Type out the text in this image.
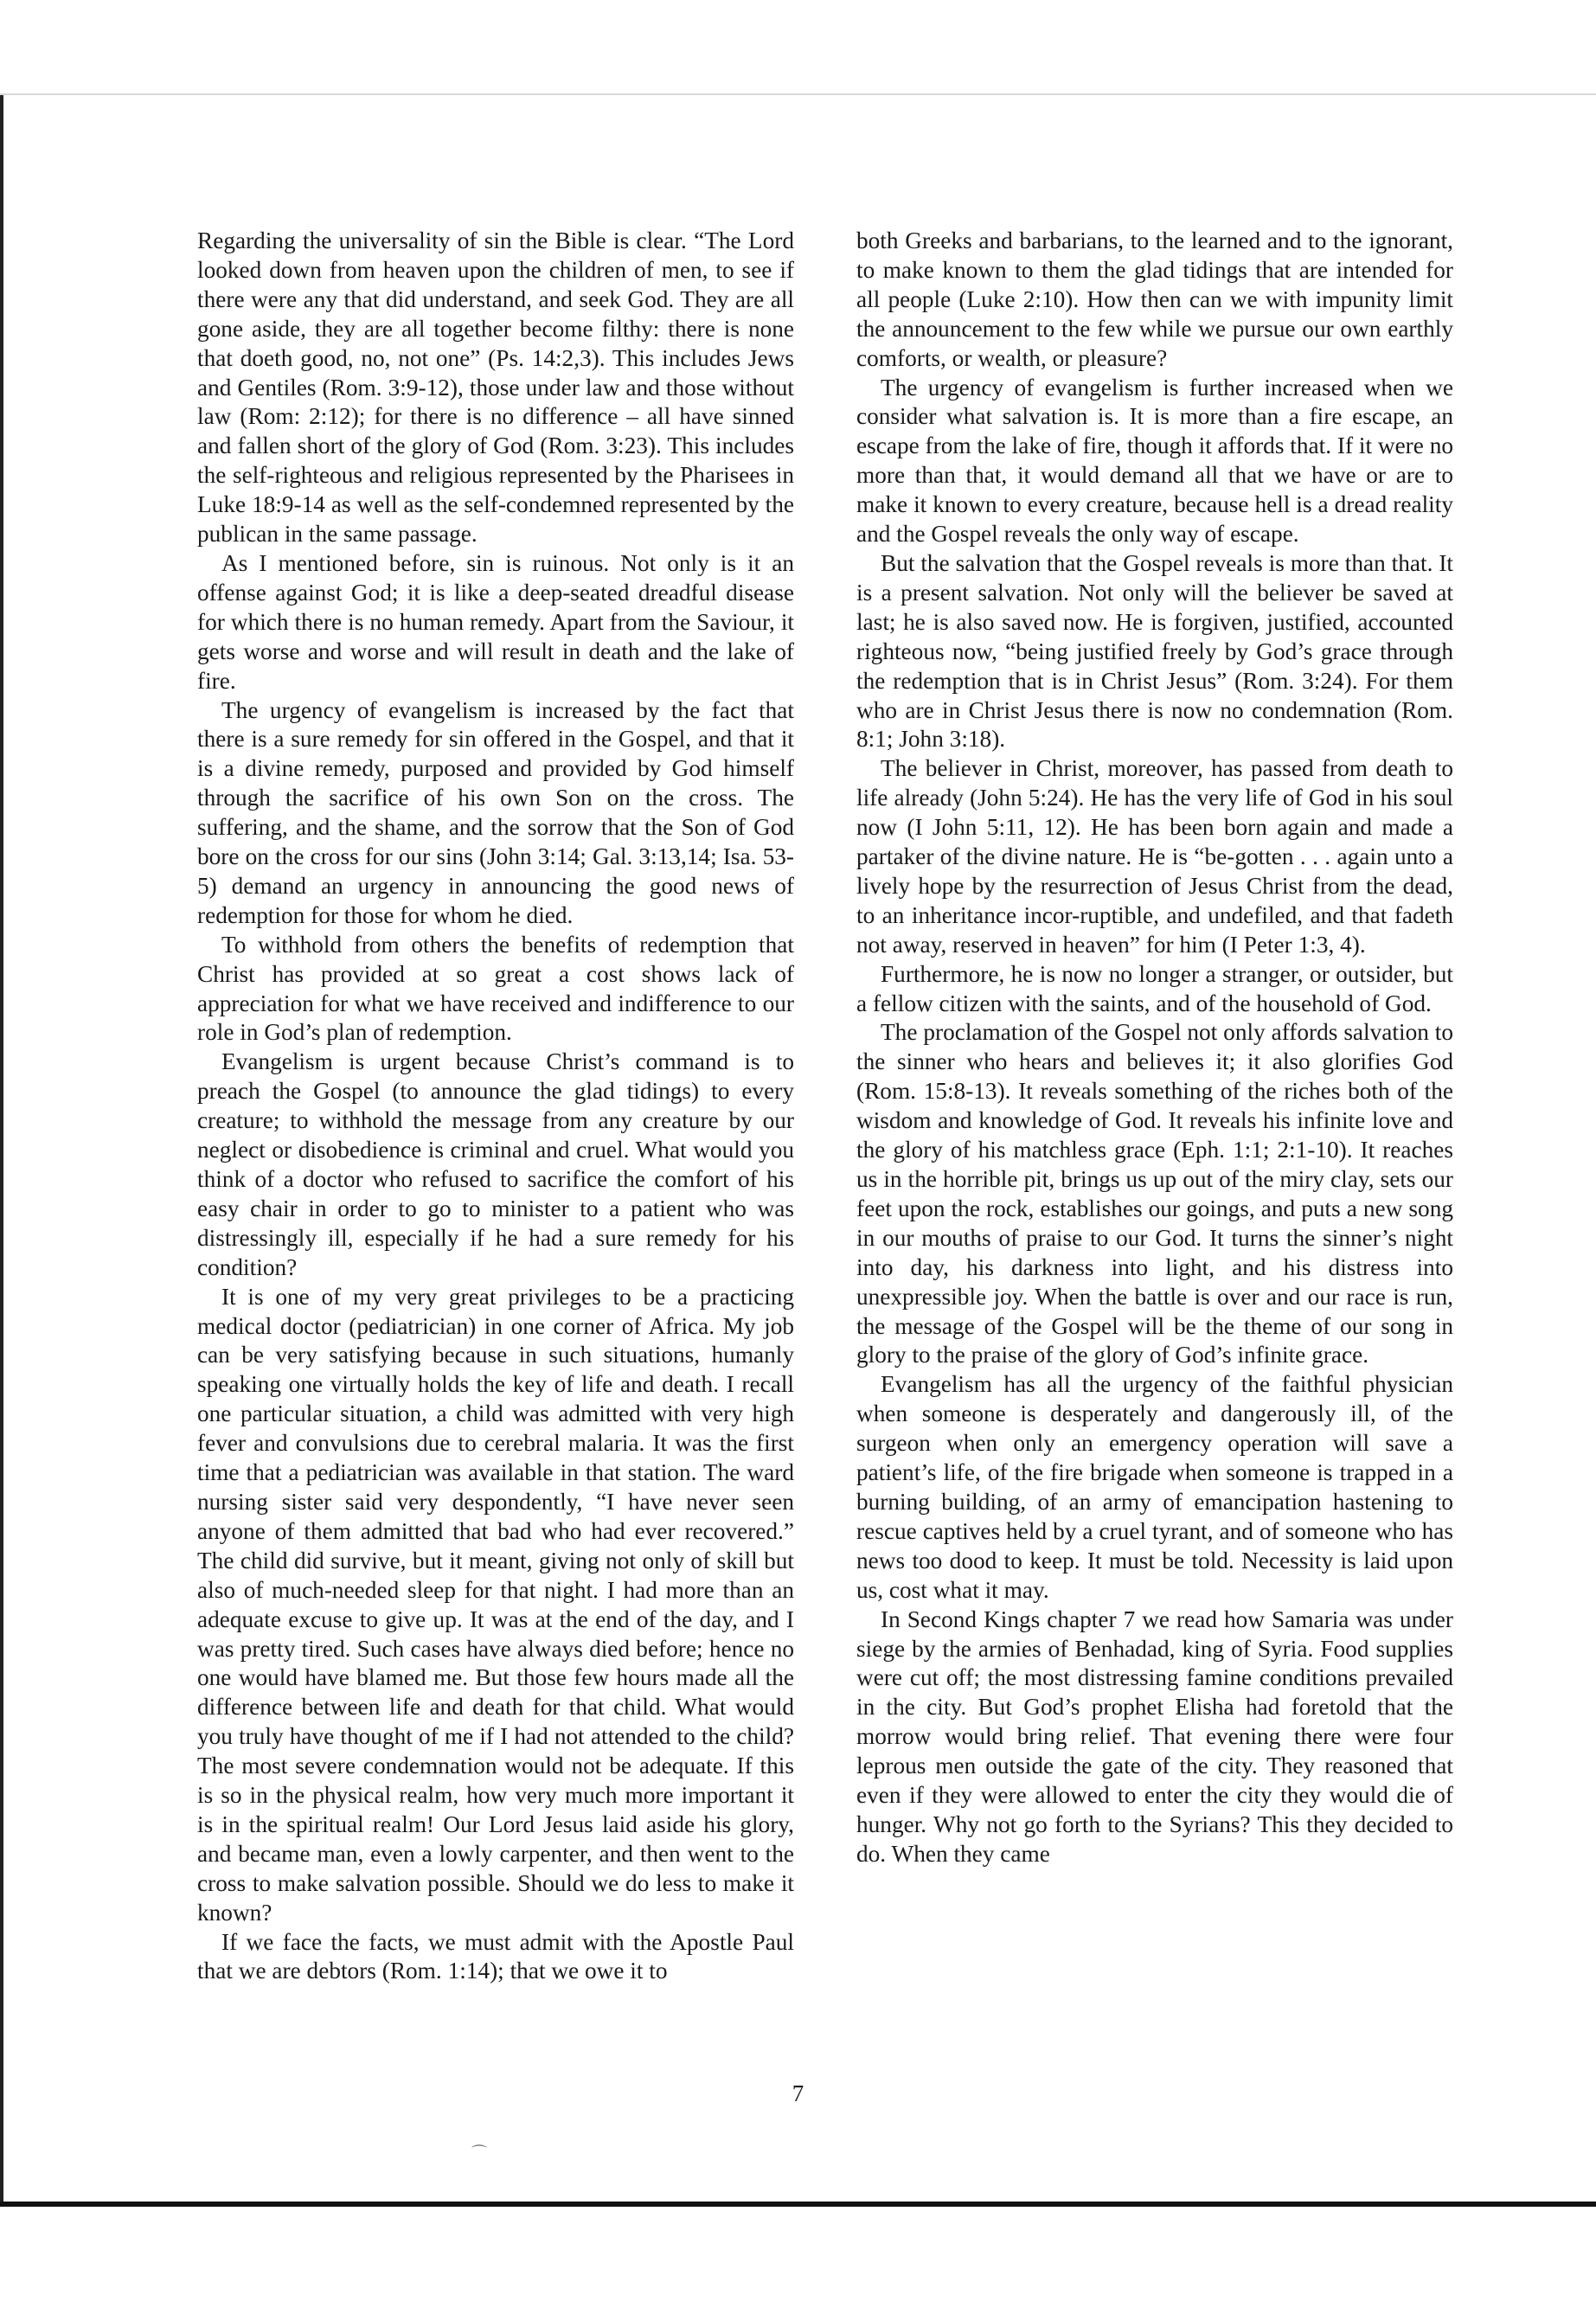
Regarding the universality of sin the Bible is clear. “The Lord looked down from heaven upon the children of men, to see if there were any that did understand, and seek God. They are all gone aside, they are all together become filthy: there is none that doeth good, no, not one” (Ps. 14:2,3). This includes Jews and Gentiles (Rom. 3:9-12), those under law and those without law (Rom: 2:12); for there is no difference – all have sinned and fallen short of the glory of God (Rom. 3:23). This includes the self-righteous and religious represented by the Pharisees in Luke 18:9-14 as well as the self-condemned represented by the publican in the same passage.

As I mentioned before, sin is ruinous. Not only is it an offense against God; it is like a deep-seated dreadful disease for which there is no human remedy. Apart from the Saviour, it gets worse and worse and will result in death and the lake of fire.

The urgency of evangelism is increased by the fact that there is a sure remedy for sin offered in the Gospel, and that it is a divine remedy, purposed and provided by God himself through the sacrifice of his own Son on the cross. The suffering, and the shame, and the sorrow that the Son of God bore on the cross for our sins (John 3:14; Gal. 3:13,14; Isa. 53-5) demand an urgency in announcing the good news of redemption for those for whom he died.

To withhold from others the benefits of redemption that Christ has provided at so great a cost shows lack of appreciation for what we have received and indifference to our role in God’s plan of redemption.

Evangelism is urgent because Christ’s command is to preach the Gospel (to announce the glad tidings) to every creature; to withhold the message from any creature by our neglect or disobedience is criminal and cruel. What would you think of a doctor who refused to sacrifice the comfort of his easy chair in order to go to minister to a patient who was distressingly ill, especially if he had a sure remedy for his condition?

It is one of my very great privileges to be a practicing medical doctor (pediatrician) in one corner of Africa. My job can be very satisfying because in such situations, humanly speaking one virtually holds the key of life and death. I recall one particular situation, a child was admitted with very high fever and convulsions due to cerebral malaria. It was the first time that a pediatrician was available in that station. The ward nursing sister said very despondently, “I have never seen anyone of them admitted that bad who had ever recovered.” The child did survive, but it meant, giving not only of skill but also of much-needed sleep for that night. I had more than an adequate excuse to give up. It was at the end of the day, and I was pretty tired. Such cases have always died before; hence no one would have blamed me. But those few hours made all the difference between life and death for that child. What would you truly have thought of me if I had not attended to the child? The most severe condemnation would not be adequate. If this is so in the physical realm, how very much more important it is in the spiritual realm! Our Lord Jesus laid aside his glory, and became man, even a lowly carpenter, and then went to the cross to make salvation possible. Should we do less to make it known?

If we face the facts, we must admit with the Apostle Paul that we are debtors (Rom. 1:14); that we owe it to

both Greeks and barbarians, to the learned and to the ignorant, to make known to them the glad tidings that are intended for all people (Luke 2:10). How then can we with impunity limit the announcement to the few while we pursue our own earthly comforts, or wealth, or pleasure?

The urgency of evangelism is further increased when we consider what salvation is. It is more than a fire escape, an escape from the lake of fire, though it affords that. If it were no more than that, it would demand all that we have or are to make it known to every creature, because hell is a dread reality and the Gospel reveals the only way of escape.

But the salvation that the Gospel reveals is more than that. It is a present salvation. Not only will the believer be saved at last; he is also saved now. He is forgiven, justified, accounted righteous now, “being justified freely by God’s grace through the redemption that is in Christ Jesus” (Rom. 3:24). For them who are in Christ Jesus there is now no condemnation (Rom. 8:1; John 3:18).

The believer in Christ, moreover, has passed from death to life already (John 5:24). He has the very life of God in his soul now (I John 5:11, 12). He has been born again and made a partaker of the divine nature. He is “be-gotten . . . again unto a lively hope by the resurrection of Jesus Christ from the dead, to an inheritance incor-ruptible, and undefiled, and that fadeth not away, reserved in heaven” for him (I Peter 1:3, 4).

Furthermore, he is now no longer a stranger, or outsider, but a fellow citizen with the saints, and of the household of God.

The proclamation of the Gospel not only affords salvation to the sinner who hears and believes it; it also glorifies God (Rom. 15:8-13). It reveals something of the riches both of the wisdom and knowledge of God. It reveals his infinite love and the glory of his matchless grace (Eph. 1:1; 2:1-10). It reaches us in the horrible pit, brings us up out of the miry clay, sets our feet upon the rock, establishes our goings, and puts a new song in our mouths of praise to our God. It turns the sinner’s night into day, his darkness into light, and his distress into unexpressible joy. When the battle is over and our race is run, the message of the Gospel will be the theme of our song in glory to the praise of the glory of God’s infinite grace.

Evangelism has all the urgency of the faithful physician when someone is desperately and dangerously ill, of the surgeon when only an emergency operation will save a patient’s life, of the fire brigade when someone is trapped in a burning building, of an army of emancipation hastening to rescue captives held by a cruel tyrant, and of someone who has news too dood to keep. It must be told. Necessity is laid upon us, cost what it may.

In Second Kings chapter 7 we read how Samaria was under siege by the armies of Benhadad, king of Syria. Food supplies were cut off; the most distressing famine conditions prevailed in the city. But God’s prophet Elisha had foretold that the morrow would bring relief. That evening there were four leprous men outside the gate of the city. They reasoned that even if they were allowed to enter the city they would die of hunger. Why not go forth to the Syrians? This they decided to do. When they came

7
⌒
